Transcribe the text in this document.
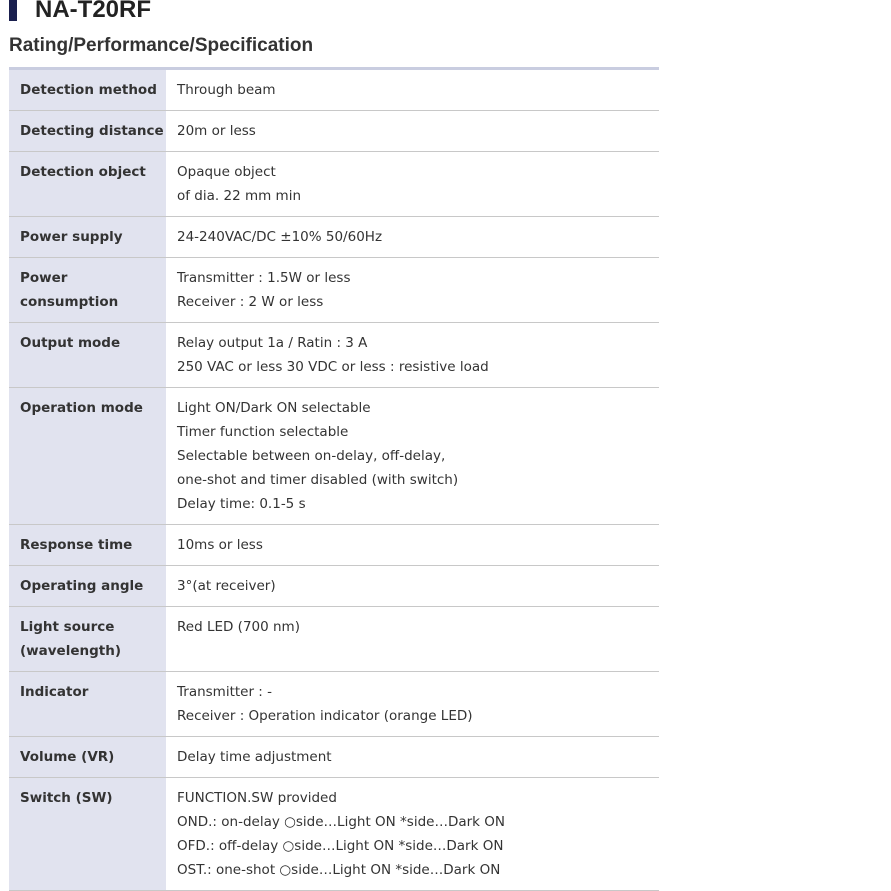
NA-T20RF
Rating/Performance/Specification
Detection method	Through beam

Detecting distance	20m or less

Detection object	Opaque object
of dia. 22 mm min

Power supply	24-240VAC/DC ±10% 50/60Hz

Power
consumption	Transmitter : 1.5W or less
Receiver : 2 W or less

Output mode	Relay output 1a / Ratin : 3 A
250 VAC or less 30 VDC or less : resistive load

Operation mode	Light ON/Dark ON selectable
Timer function selectable
Selectable between on-delay, off-delay,
one-shot and timer disabled (with switch)
Delay time: 0.1-5 s

Response time	10ms or less

Operating angle	3°(at receiver)

Light source
(wavelength)	Red LED (700 nm)

Indicator	Transmitter : -
Receiver : Operation indicator (orange LED)

Volume (VR)	Delay time adjustment

Switch (SW)	FUNCTION.SW provided
OND.: on-delay ○side…Light ON *side…Dark ON
OFD.: off-delay ○side…Light ON *side…Dark ON
OST.: one-shot ○side…Light ON *side…Dark ON
